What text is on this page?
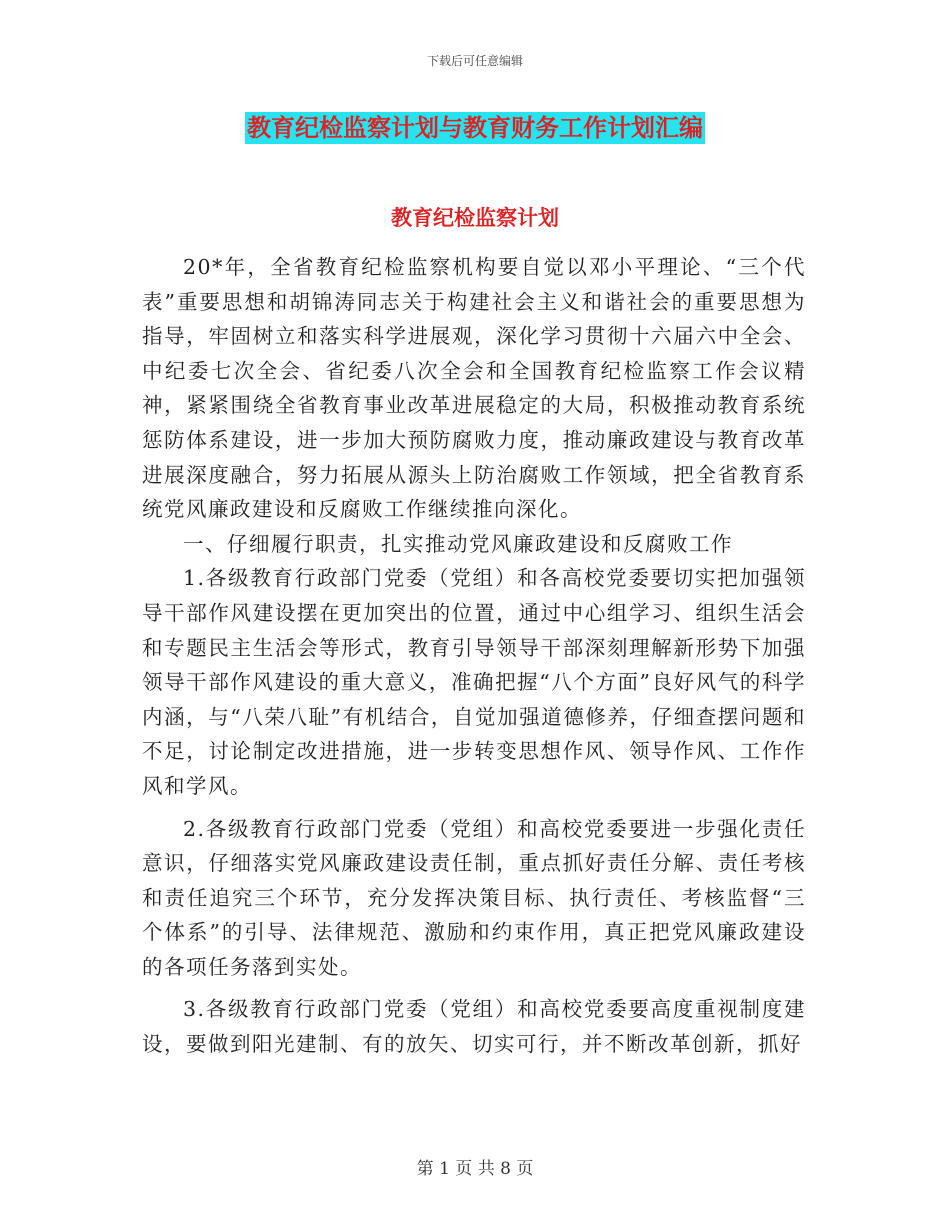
下载后可任意编辑
教育纪检监察计划与教育财务工作计划汇编
教育纪检监察计划

20*年，全省教育纪检监察机构要自觉以邓小平理论、“三个代表”重要思想和胡锦涛同志关于构建社会主义和谐社会的重要思想为指导，牢固树立和落实科学进展观，深化学习贯彻十六届六中全会、中纪委七次全会、省纪委八次全会和全国教育纪检监察工作会议精神，紧紧围绕全省教育事业改革进展稳定的大局，积极推动教育系统惩防体系建设，进一步加大预防腐败力度，推动廉政建设与教育改革进展深度融合，努力拓展从源头上防治腐败工作领域，把全省教育系统党风廉政建设和反腐败工作继续推向深化。

一、仔细履行职责，扎实推动党风廉政建设和反腐败工作

1.各级教育行政部门党委（党组）和各高校党委要切实把加强领导干部作风建设摆在更加突出的位置，通过中心组学习、组织生活会和专题民主生活会等形式，教育引导领导干部深刻理解新形势下加强领导干部作风建设的重大意义，准确把握“八个方面”良好风气的科学内涵，与“八荣八耻”有机结合，自觉加强道德修养，仔细查摆问题和不足，讨论制定改进措施，进一步转变思想作风、领导作风、工作作风和学风。

2.各级教育行政部门党委（党组）和高校党委要进一步强化责任意识，仔细落实党风廉政建设责任制，重点抓好责任分解、责任考核和责任追究三个环节，充分发挥决策目标、执行责任、考核监督“三个体系”的引导、法律规范、激励和约束作用，真正把党风廉政建设的各项任务落到实处。

3.各级教育行政部门党委（党组）和高校党委要高度重视制度建设，要做到阳光建制、有的放矢、切实可行，并不断改革创新，抓好

第 1 页 共 8 页
